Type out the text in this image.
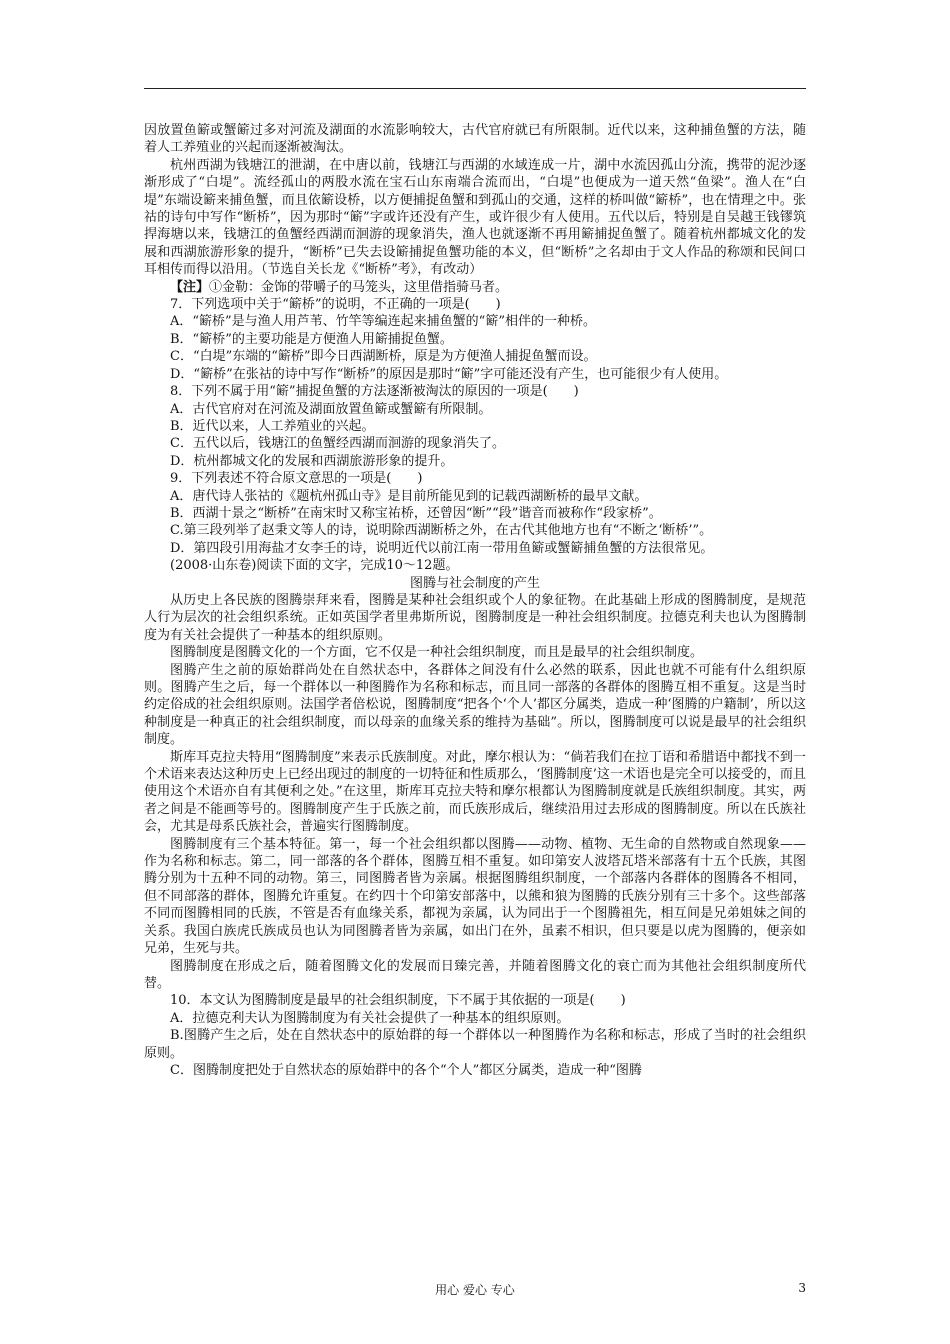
因放置鱼簖或蟹簖过多对河流及湖面的水流影响较大，古代官府就已有所限制。近代以来，这种捕鱼蟹的方法，随着人工养殖业的兴起而逐渐被淘汰。

杭州西湖为钱塘江的泄湖，在中唐以前，钱塘江与西湖的水域连成一片，湖中水流因孤山分流，携带的泥沙逐渐形成了“白堤”。流经孤山的两股水流在宝石山东南端合流而出，“白堤”也便成为一道天然“鱼梁”。渔人在“白堤”东端设簖来捕鱼蟹，而且依簖设桥，以方便捕捉鱼蟹和到孤山的交通，这样的桥叫做“簖桥”，也在情理之中。张祜的诗句中写作“断桥”，因为那时“簖”字或许还没有产生，或许很少有人使用。五代以后，特别是自吴越王钱镠筑捍海塘以来，钱塘江的鱼蟹经西湖而洄游的现象消失，渔人也就逐渐不再用簖捕捉鱼蟹了。随着杭州都城文化的发展和西湖旅游形象的提升，“断桥”已失去设簖捕捉鱼蟹功能的本义，但“断桥”之名却由于文人作品的称颂和民间口耳相传而得以沿用。（节选自关长龙《“断桥”考》，有改动）

【注】①金勒：金饰的带嚼子的马笼头，这里借指骑马者。

7．下列选项中关于“簖桥”的说明，不正确的一项是(　　)

A．“簖桥”是与渔人用芦苇、竹竿等编连起来捕鱼蟹的“簖”相伴的一种桥。

B．“簖桥”的主要功能是方便渔人用簖捕捉鱼蟹。

C．“白堤”东端的“簖桥”即今日西湖断桥，原是为方便渔人捕捉鱼蟹而设。

D．“簖桥”在张祜的诗中写作“断桥”的原因是那时“簖”字可能还没有产生，也可能很少有人使用。

8．下列不属于用“簖”捕捉鱼蟹的方法逐渐被淘汰的原因的一项是(　　)

A．古代官府对在河流及湖面放置鱼簖或蟹簖有所限制。

B．近代以来，人工养殖业的兴起。

C．五代以后，钱塘江的鱼蟹经西湖而洄游的现象消失了。

D．杭州都城文化的发展和西湖旅游形象的提升。

9．下列表述不符合原文意思的一项是(　　)

A．唐代诗人张祜的《题杭州孤山寺》是目前所能见到的记载西湖断桥的最早文献。

B．西湖十景之“断桥”在南宋时又称宝祐桥，还曾因“断”“段”谐音而被称作“段家桥”。

C.第三段列举了赵秉文等人的诗，说明除西湖断桥之外，在古代其他地方也有“不断之‘断桥’”。

D．第四段引用海盐才女李壬的诗，说明近代以前江南一带用鱼簖或蟹簖捕鱼蟹的方法很常见。

(2008·山东卷)阅读下面的文字，完成10～12题。

图腾与社会制度的产生

从历史上各民族的图腾崇拜来看，图腾是某种社会组织或个人的象征物。在此基础上形成的图腾制度，是规范人行为层次的社会组织系统。正如英国学者里弗斯所说，图腾制度是一种社会组织制度。拉德克利夫也认为图腾制度为有关社会提供了一种基本的组织原则。

图腾制度是图腾文化的一个方面，它不仅是一种社会组织制度，而且是最早的社会组织制度。

图腾产生之前的原始群尚处在自然状态中，各群体之间没有什么必然的联系，因此也就不可能有什么组织原则。图腾产生之后，每一个群体以一种图腾作为名称和标志，而且同一部落的各群体的图腾互相不重复。这是当时约定俗成的社会组织原则。法国学者倍松说，图腾制度“把各个‘个人’都区分属类，造成一种‘图腾的户籍制’，所以这种制度是一种真正的社会组织制度，而以母亲的血缘关系的维持为基础”。所以，图腾制度可以说是最早的社会组织制度。

斯库耳克拉夫特用“图腾制度”来表示氏族制度。对此，摩尔根认为：“倘若我们在拉丁语和希腊语中都找不到一个术语来表达这种历史上已经出现过的制度的一切特征和性质那么，‘图腾制度’这一术语也是完全可以接受的，而且使用这个术语亦自有其便利之处。”在这里，斯库耳克拉夫特和摩尔根都认为图腾制度就是氏族组织制度。其实，两者之间是不能画等号的。图腾制度产生于氏族之前，而氏族形成后，继续沿用过去形成的图腾制度。所以在氏族社会，尤其是母系氏族社会，普遍实行图腾制度。

图腾制度有三个基本特征。第一，每一个社会组织都以图腾——动物、植物、无生命的自然物或自然现象——作为名称和标志。第二，同一部落的各个群体，图腾互相不重复。如印第安人波塔瓦塔米部落有十五个氏族，其图腾分别为十五种不同的动物。第三，同图腾者皆为亲属。根据图腾组织制度，一个部落内各群体的图腾各不相同，但不同部落的群体，图腾允许重复。在约四十个印第安部落中，以熊和狼为图腾的氏族分别有三十多个。这些部落不同而图腾相同的氏族，不管是否有血缘关系，都视为亲属，认为同出于一个图腾祖先，相互间是兄弟姐妹之间的关系。我国白族虎氏族成员也认为同图腾者皆为亲属，如出门在外，虽素不相识，但只要是以虎为图腾的，便亲如兄弟，生死与共。

图腾制度在形成之后，随着图腾文化的发展而日臻完善，并随着图腾文化的衰亡而为其他社会组织制度所代替。

10．本文认为图腾制度是最早的社会组织制度，下不属于其依据的一项是(　　)

A．拉德克利夫认为图腾制度为有关社会提供了一种基本的组织原则。

B.图腾产生之后，处在自然状态中的原始群的每一个群体以一种图腾作为名称和标志，形成了当时的社会组织原则。

C．图腾制度把处于自然状态的原始群中的各个“个人”都区分属类，造成一种“图腾

用心 爱心 专心	3
